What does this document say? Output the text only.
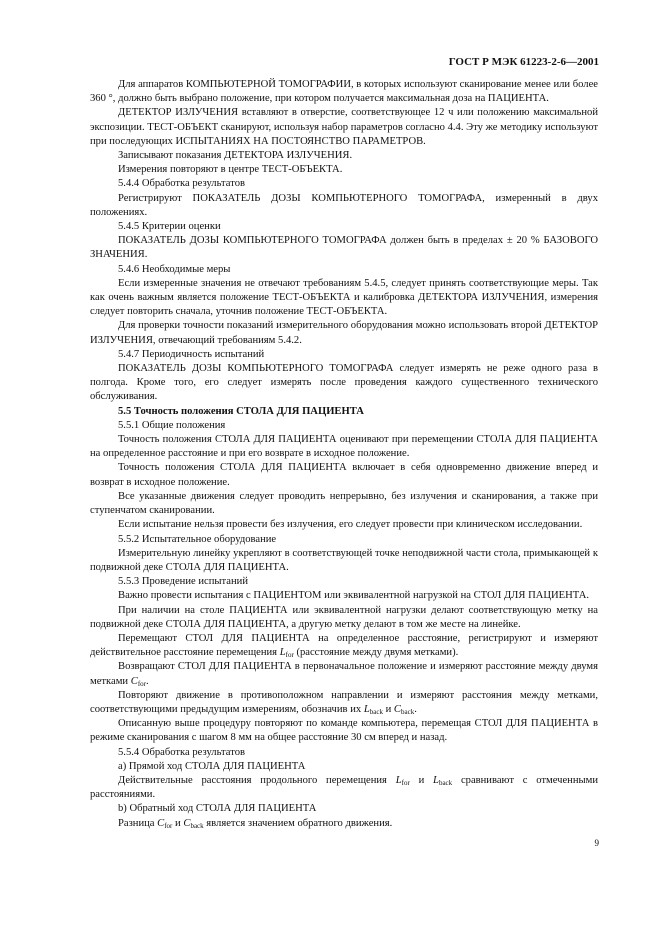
ГОСТ Р МЭК 61223-2-6—2001

Для аппаратов КОМПЬЮТЕРНОЙ ТОМОГРАФИИ, в которых используют сканирование менее или более 360 °, должно быть выбрано положение, при котором получается максимальная доза на ПАЦИЕНТА.

ДЕТЕКТОР ИЗЛУЧЕНИЯ вставляют в отверстие, соответствующее 12 ч или положению максимальной экспозиции. ТЕСТ-ОБЪЕКТ сканируют, используя набор параметров согласно 4.4. Эту же методику используют при последующих ИСПЫТАНИЯХ НА ПОСТОЯНСТВО ПАРАМЕТРОВ.

Записывают показания ДЕТЕКТОРА ИЗЛУЧЕНИЯ.

Измерения повторяют в центре ТЕСТ-ОБЪЕКТА.

5.4.4 Обработка результатов

Регистрируют ПОКАЗАТЕЛЬ ДОЗЫ КОМПЬЮТЕРНОГО ТОМОГРАФА, измеренный в двух положениях.

5.4.5 Критерии оценки

ПОКАЗАТЕЛЬ ДОЗЫ КОМПЬЮТЕРНОГО ТОМОГРАФА должен быть в пределах ± 20 % БАЗОВОГО ЗНАЧЕНИЯ.

5.4.6 Необходимые меры

Если измеренные значения не отвечают требованиям 5.4.5, следует принять соответствующие меры. Так как очень важным является положение ТЕСТ-ОБЪЕКТА и калибровка ДЕТЕКТОРА ИЗЛУЧЕНИЯ, измерения следует повторить сначала, уточнив положение ТЕСТ-ОБЪЕКТА.

Для проверки точности показаний измерительного оборудования можно использовать второй ДЕТЕКТОР ИЗЛУЧЕНИЯ, отвечающий требованиям 5.4.2.

5.4.7 Периодичность испытаний

ПОКАЗАТЕЛЬ ДОЗЫ КОМПЬЮТЕРНОГО ТОМОГРАФА следует измерять не реже одного раза в полгода. Кроме того, его следует измерять после проведения каждого существенного технического обслуживания.

5.5 Точность положения СТОЛА ДЛЯ ПАЦИЕНТА

5.5.1 Общие положения

Точность положения СТОЛА ДЛЯ ПАЦИЕНТА оценивают при перемещении СТОЛА ДЛЯ ПАЦИЕНТА на определенное расстояние и при его возврате в исходное положение.

Точность положения СТОЛА ДЛЯ ПАЦИЕНТА включает в себя одновременно движение вперед и возврат в исходное положение.

Все указанные движения следует проводить непрерывно, без излучения и сканирования, а также при ступенчатом сканировании.

Если испытание нельзя провести без излучения, его следует провести при клиническом исследовании.

5.5.2 Испытательное оборудование

Измерительную линейку укрепляют в соответствующей точке неподвижной части стола, примыкающей к подвижной деке СТОЛА ДЛЯ ПАЦИЕНТА.

5.5.3 Проведение испытаний

Важно провести испытания с ПАЦИЕНТОМ или эквивалентной нагрузкой на СТОЛ ДЛЯ ПАЦИЕНТА.

При наличии на столе ПАЦИЕНТА или эквивалентной нагрузки делают соответствующую метку на подвижной деке СТОЛА ДЛЯ ПАЦИЕНТА, а другую метку делают в том же месте на линейке.

Перемещают СТОЛ ДЛЯ ПАЦИЕНТА на определенное расстояние, регистрируют и измеряют действительное расстояние перемещения $L_{for}$ (расстояние между двумя метками).

Возвращают СТОЛ ДЛЯ ПАЦИЕНТА в первоначальное положение и измеряют расстояние между двумя метками $C_{for}$.

Повторяют движение в противоположном направлении и измеряют расстояния между метками, соответствующими предыдущим измерениям, обозначив их $L_{back}$ и $C_{back}$.

Описанную выше процедуру повторяют по команде компьютера, перемещая СТОЛ ДЛЯ ПАЦИЕНТА в режиме сканирования с шагом 8 мм на общее расстояние 30 см вперед и назад.

5.5.4 Обработка результатов

а) Прямой ход СТОЛА ДЛЯ ПАЦИЕНТА

Действительные расстояния продольного перемещения $L_{for}$ и $L_{back}$ сравнивают с отмеченными расстояниями.

b) Обратный ход СТОЛА ДЛЯ ПАЦИЕНТА

Разница $C_{for}$ и $C_{back}$ является значением обратного движения.

9
